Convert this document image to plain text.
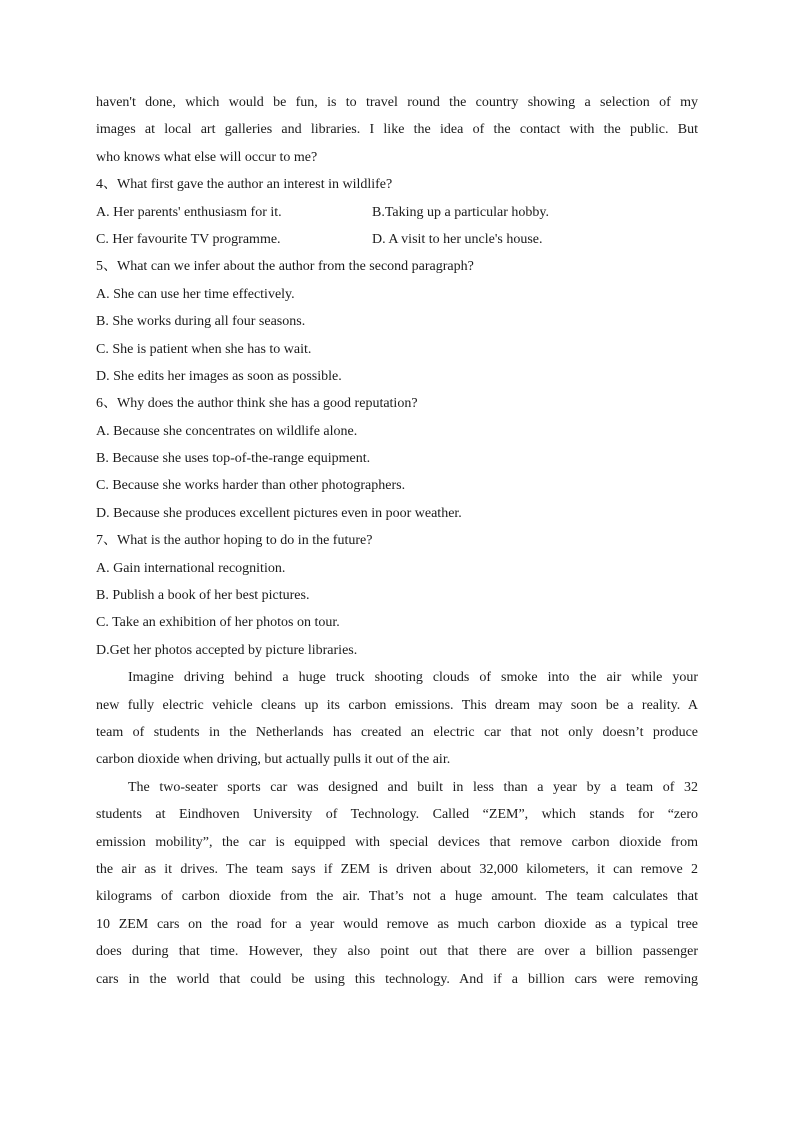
haven't done, which would be fun, is to travel round the country showing a selection of my
images at local art galleries and libraries. I like the idea of the contact with the public. But
who knows what else will occur to me?
4、What first gave the author an interest in wildlife?
A. Her parents' enthusiasm for it.	B.Taking up a particular hobby.
C. Her favourite TV programme.	D. A visit to her uncle's house.
5、What can we infer about the author from the second paragraph?
A. She can use her time effectively.
B. She works during all four seasons.
C. She is patient when she has to wait.
D. She edits her images as soon as possible.
6、Why does the author think she has a good reputation?
A. Because she concentrates on wildlife alone.
B. Because she uses top-of-the-range equipment.
C. Because she works harder than other photographers.
D. Because she produces excellent pictures even in poor weather.
7、What is the author hoping to do in the future?
A. Gain international recognition.
B. Publish a book of her best pictures.
C. Take an exhibition of her photos on tour.
D.Get her photos accepted by picture libraries.
Imagine driving behind a huge truck shooting clouds of smoke into the air while your
new fully electric vehicle cleans up its carbon emissions. This dream may soon be a reality. A
team of students in the Netherlands has created an electric car that not only doesn’t produce
carbon dioxide when driving, but actually pulls it out of the air.
The two-seater sports car was designed and built in less than a year by a team of 32
students at Eindhoven University of Technology. Called “ZEM”, which stands for “zero
emission mobility”, the car is equipped with special devices that remove carbon dioxide from
the air as it drives. The team says if ZEM is driven about 32,000 kilometers, it can remove 2
kilograms of carbon dioxide from the air. That’s not a huge amount. The team calculates that
10 ZEM cars on the road for a year would remove as much carbon dioxide as a typical tree
does during that time. However, they also point out that there are over a billion passenger
cars in the world that could be using this technology. And if a billion cars were removing
